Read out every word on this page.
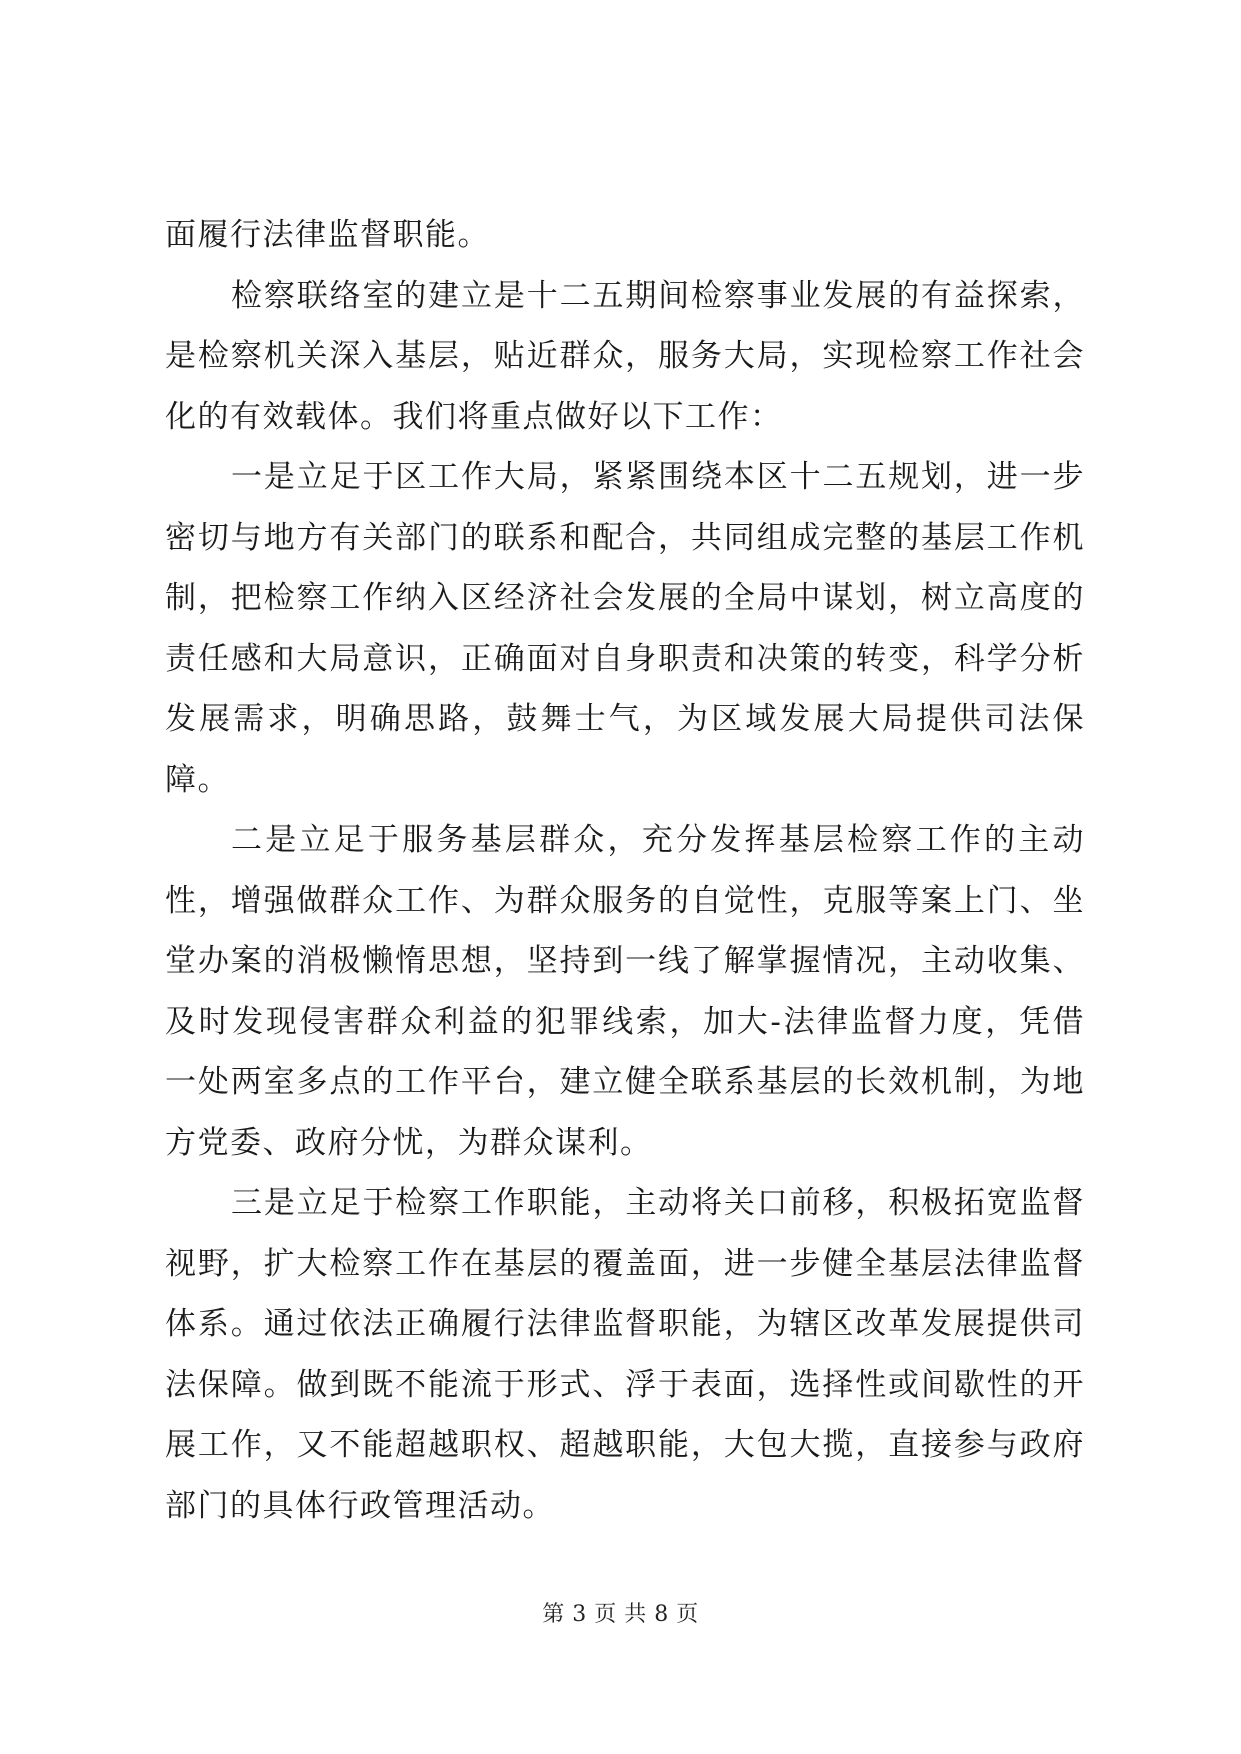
面履行法律监督职能。

检察联络室的建立是十二五期间检察事业发展的有益探索，是检察机关深入基层，贴近群众，服务大局，实现检察工作社会化的有效载体。我们将重点做好以下工作：

一是立足于区工作大局，紧紧围绕本区十二五规划，进一步密切与地方有关部门的联系和配合，共同组成完整的基层工作机制，把检察工作纳入区经济社会发展的全局中谋划，树立高度的责任感和大局意识，正确面对自身职责和决策的转变，科学分析发展需求，明确思路，鼓舞士气，为区域发展大局提供司法保障。

二是立足于服务基层群众，充分发挥基层检察工作的主动性，增强做群众工作、为群众服务的自觉性，克服等案上门、坐堂办案的消极懒惰思想，坚持到一线了解掌握情况，主动收集、及时发现侵害群众利益的犯罪线索，加大-法律监督力度，凭借一处两室多点的工作平台，建立健全联系基层的长效机制，为地方党委、政府分忧，为群众谋利。

三是立足于检察工作职能，主动将关口前移，积极拓宽监督视野，扩大检察工作在基层的覆盖面，进一步健全基层法律监督体系。通过依法正确履行法律监督职能，为辖区改革发展提供司法保障。做到既不能流于形式、浮于表面，选择性或间歇性的开展工作，又不能超越职权、超越职能，大包大揽，直接参与政府部门的具体行政管理活动。

第 3 页 共 8 页
